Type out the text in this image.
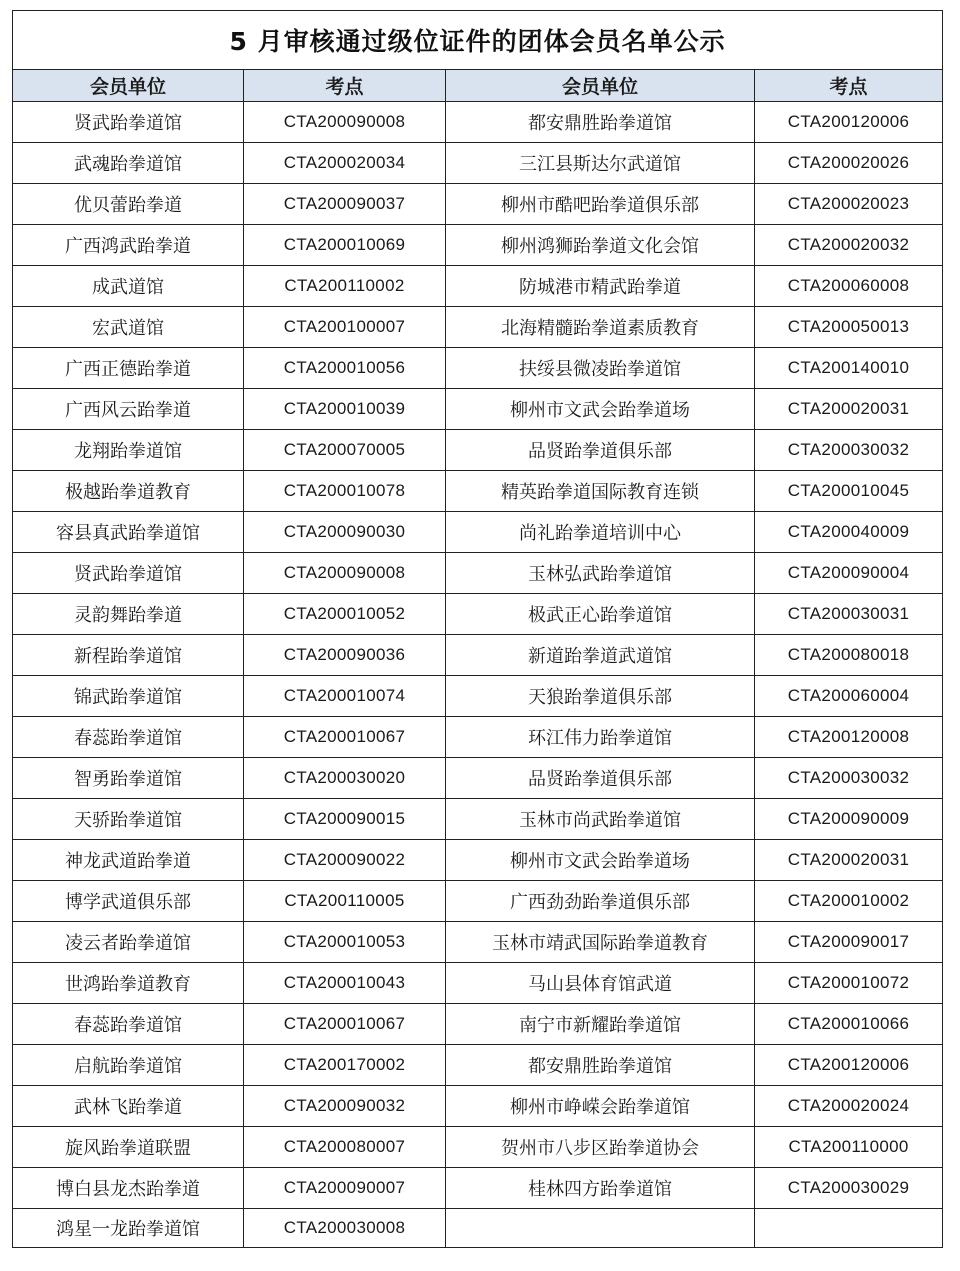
5 月审核通过级位证件的团体会员名单公示			
会员单位	考点	会员单位	考点
贤武跆拳道馆	CTA200090008	都安鼎胜跆拳道馆	CTA200120006
武魂跆拳道馆	CTA200020034	三江县斯达尔武道馆	CTA200020026
优贝蕾跆拳道	CTA200090037	柳州市酷吧跆拳道俱乐部	CTA200020023
广西鸿武跆拳道	CTA200010069	柳州鸿狮跆拳道文化会馆	CTA200020032
成武道馆	CTA200110002	防城港市精武跆拳道	CTA200060008
宏武道馆	CTA200100007	北海精髓跆拳道素质教育	CTA200050013
广西正德跆拳道	CTA200010056	扶绥县微凌跆拳道馆	CTA200140010
广西风云跆拳道	CTA200010039	柳州市文武会跆拳道场	CTA200020031
龙翔跆拳道馆	CTA200070005	品贤跆拳道俱乐部	CTA200030032
极越跆拳道教育	CTA200010078	精英跆拳道国际教育连锁	CTA200010045
容县真武跆拳道馆	CTA200090030	尚礼跆拳道培训中心	CTA200040009
贤武跆拳道馆	CTA200090008	玉林弘武跆拳道馆	CTA200090004
灵韵舞跆拳道	CTA200010052	极武正心跆拳道馆	CTA200030031
新程跆拳道馆	CTA200090036	新道跆拳道武道馆	CTA200080018
锦武跆拳道馆	CTA200010074	天狼跆拳道俱乐部	CTA200060004
春蕊跆拳道馆	CTA200010067	环江伟力跆拳道馆	CTA200120008
智勇跆拳道馆	CTA200030020	品贤跆拳道俱乐部	CTA200030032
天骄跆拳道馆	CTA200090015	玉林市尚武跆拳道馆	CTA200090009
神龙武道跆拳道	CTA200090022	柳州市文武会跆拳道场	CTA200020031
博学武道俱乐部	CTA200110005	广西劲劲跆拳道俱乐部	CTA200010002
凌云者跆拳道馆	CTA200010053	玉林市靖武国际跆拳道教育	CTA200090017
世鸿跆拳道教育	CTA200010043	马山县体育馆武道	CTA200010072
春蕊跆拳道馆	CTA200010067	南宁市新耀跆拳道馆	CTA200010066
启航跆拳道馆	CTA200170002	都安鼎胜跆拳道馆	CTA200120006
武林飞跆拳道	CTA200090032	柳州市峥嵘会跆拳道馆	CTA200020024
旋风跆拳道联盟	CTA200080007	贺州市八步区跆拳道协会	CTA200110000
博白县龙杰跆拳道	CTA200090007	桂林四方跆拳道馆	CTA200030029
鸿星一龙跆拳道馆	CTA200030008		
